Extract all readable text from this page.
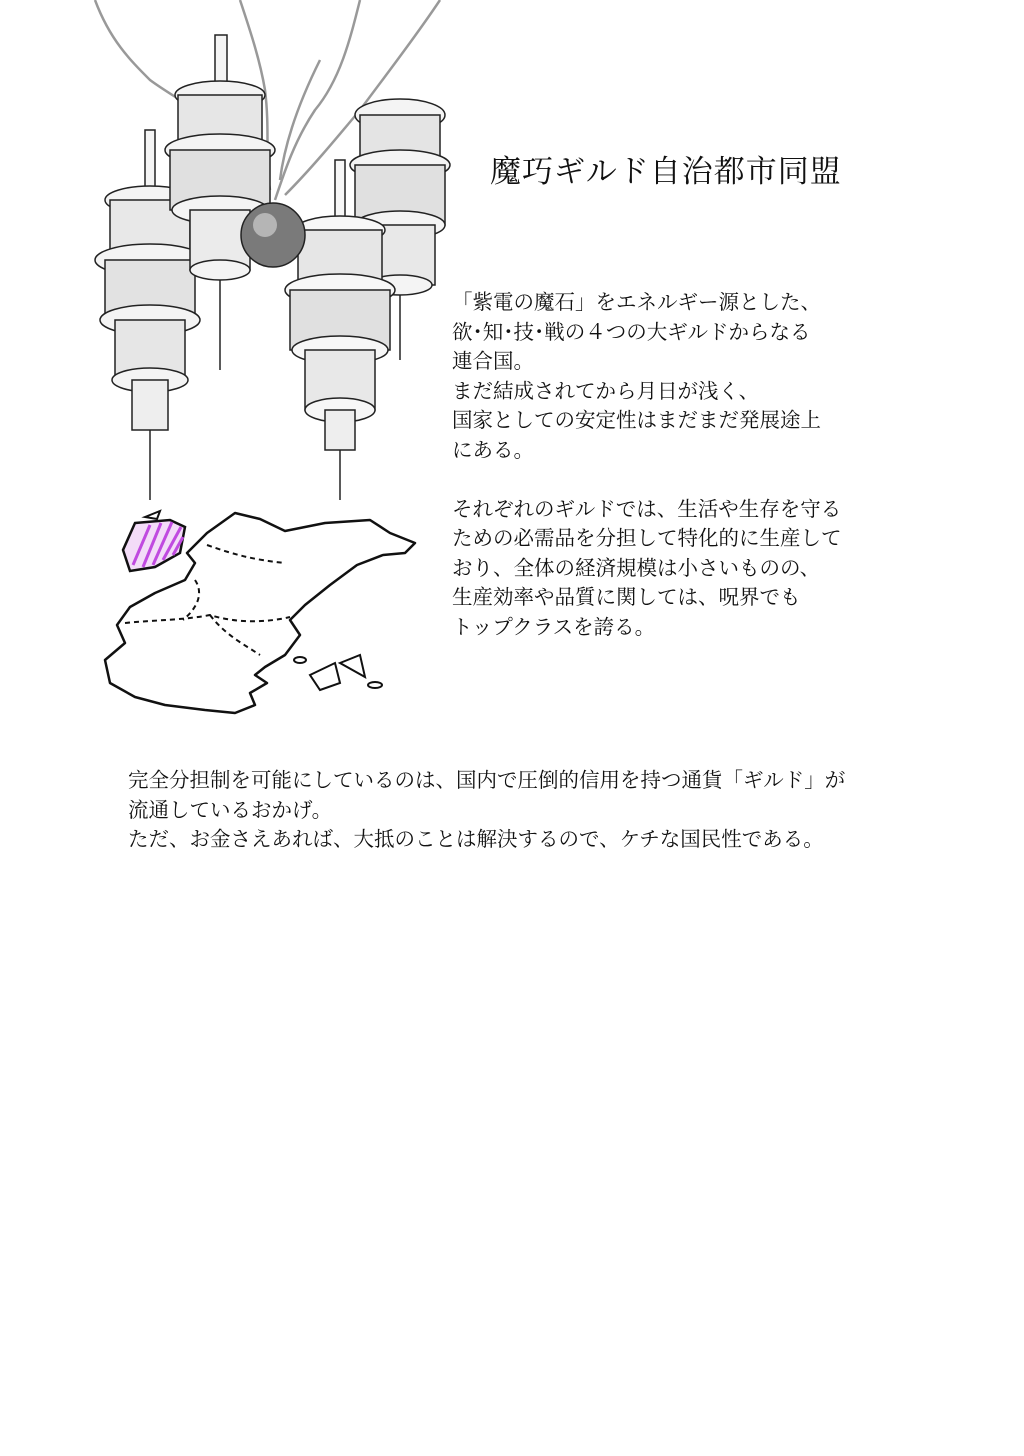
魔巧ギルド自治都市同盟

「紫電の魔石」をエネルギー源とした、

欲･知･技･戦の４つの大ギルドからなる

連合国。

まだ結成されてから月日が浅く、

国家としての安定性はまだまだ発展途上

にある。

それぞれのギルドでは、生活や生存を守る

ための必需品を分担して特化的に生産して

おり、全体の経済規模は小さいものの、

生産効率や品質に関しては、呪界でも

トップクラスを誇る。

完全分担制を可能にしているのは、国内で圧倒的信用を持つ通貨「ギルド」が

流通しているおかげ。

ただ、お金さえあれば、大抵のことは解決するので、ケチな国民性である。
